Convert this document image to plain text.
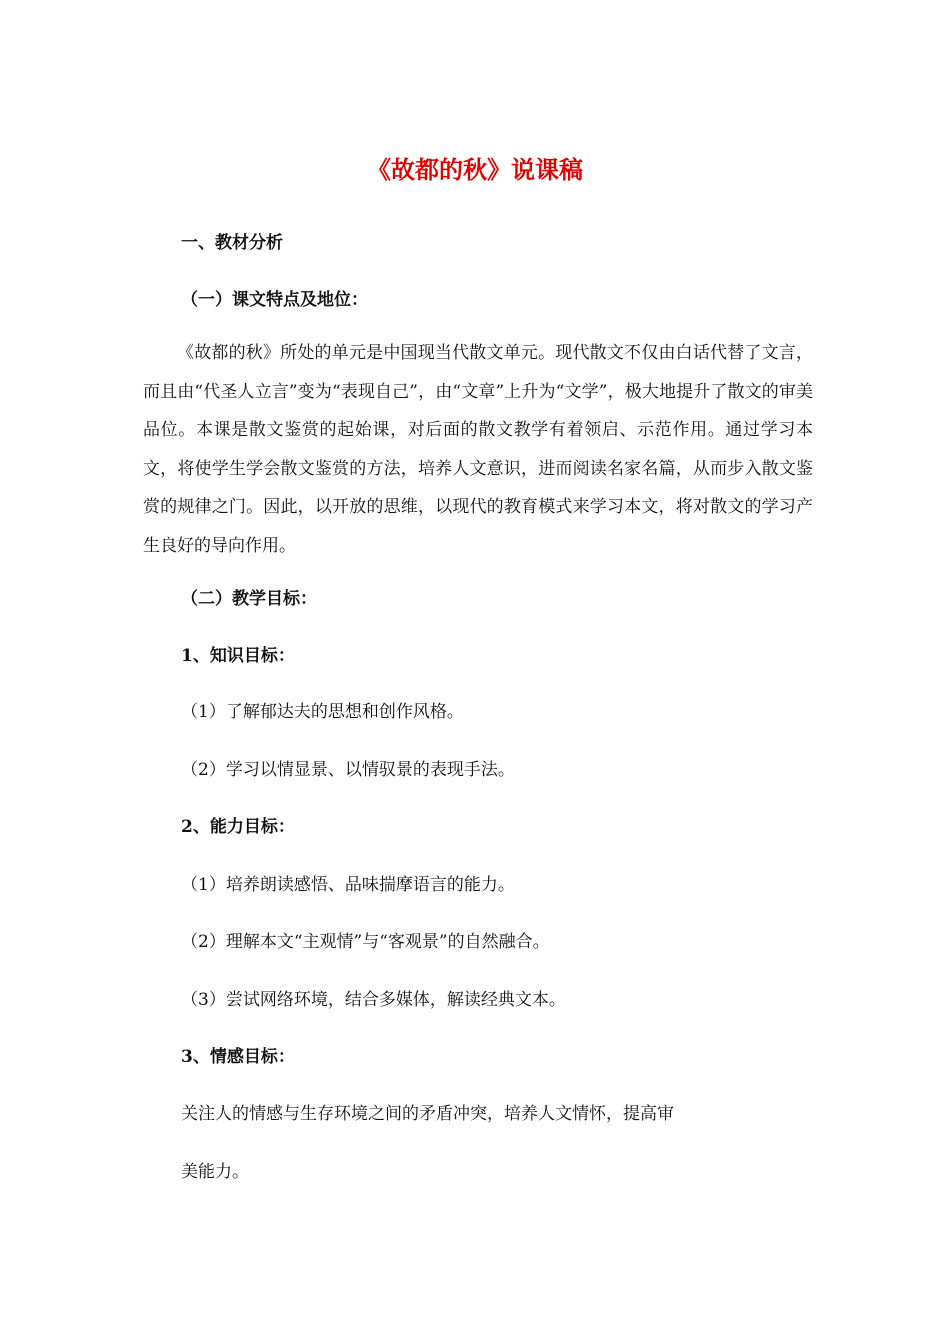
《故都的秋》说课稿
一、教材分析
（一）课文特点及地位：
《故都的秋》所处的单元是中国现当代散文单元。现代散文不仅由白话代替了文言，而且由“代圣人立言”变为“表现自己”，由“文章”上升为“文学”，极大地提升了散文的审美品位。本课是散文鉴赏的起始课，对后面的散文教学有着领启、示范作用。通过学习本文，将使学生学会散文鉴赏的方法，培养人文意识，进而阅读名家名篇，从而步入散文鉴赏的规律之门。因此，以开放的思维，以现代的教育模式来学习本文，将对散文的学习产生良好的导向作用。
（二）教学目标：
1、知识目标：
（1）了解郁达夫的思想和创作风格。
（2）学习以情显景、以情驭景的表现手法。
2、能力目标：
（1）培养朗读感悟、品味揣摩语言的能力。
（2）理解本文“主观情”与“客观景”的自然融合。
（3）尝试网络环境，结合多媒体，解读经典文本。
3、情感目标：
关注人的情感与生存环境之间的矛盾冲突，培养人文情怀，提高审
美能力。
